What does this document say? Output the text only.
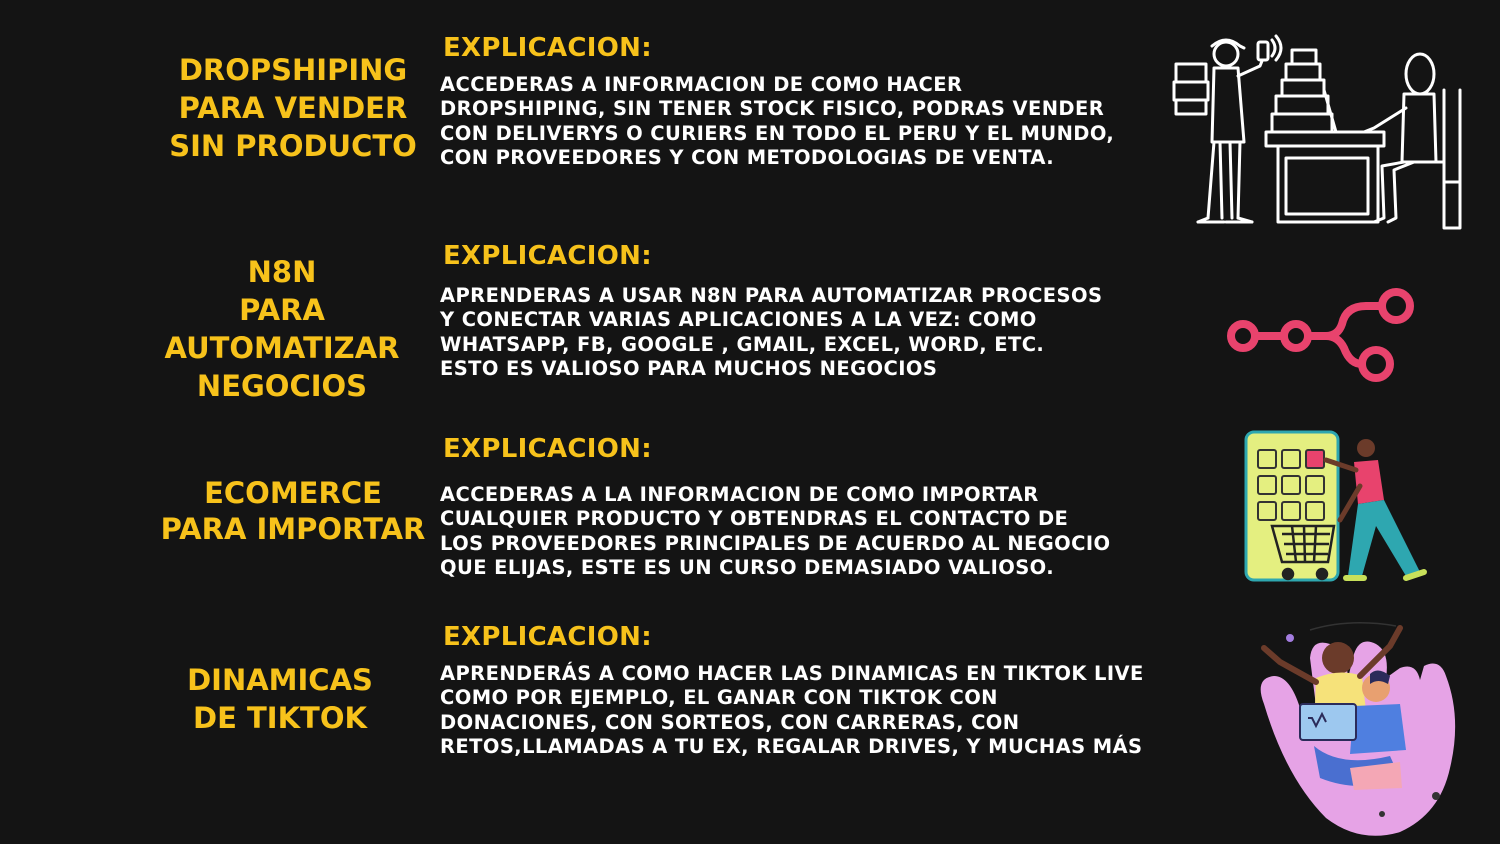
DROPSHIPING
PARA VENDER
SIN PRODUCTO
EXPLICACION:
ACCEDERAS A INFORMACION DE COMO HACER
DROPSHIPING, SIN TENER STOCK FISICO, PODRAS VENDER
CON DELIVERYS O CURIERS EN TODO EL PERU Y EL MUNDO,
CON PROVEEDORES Y CON METODOLOGIAS DE VENTA.
N8N
PARA
AUTOMATIZAR
NEGOCIOS
EXPLICACION:
APRENDERAS A USAR N8N PARA AUTOMATIZAR PROCESOS
Y CONECTAR VARIAS APLICACIONES A LA VEZ: COMO
WHATSAPP, FB, GOOGLE , GMAIL, EXCEL, WORD, ETC.
ESTO ES VALIOSO PARA MUCHOS NEGOCIOS
ECOMERCE
PARA IMPORTAR
EXPLICACION:
ACCEDERAS A LA INFORMACION DE COMO IMPORTAR
CUALQUIER PRODUCTO Y OBTENDRAS EL CONTACTO DE
LOS PROVEEDORES PRINCIPALES DE ACUERDO AL NEGOCIO
QUE ELIJAS, ESTE ES UN CURSO DEMASIADO VALIOSO.
DINAMICAS
DE TIKTOK
EXPLICACION:
APRENDERÁS A COMO HACER LAS DINAMICAS EN TIKTOK LIVE
COMO POR EJEMPLO, EL GANAR CON TIKTOK CON
DONACIONES, CON SORTEOS, CON CARRERAS, CON
RETOS,LLAMADAS A TU EX, REGALAR DRIVES, Y MUCHAS MÁS
